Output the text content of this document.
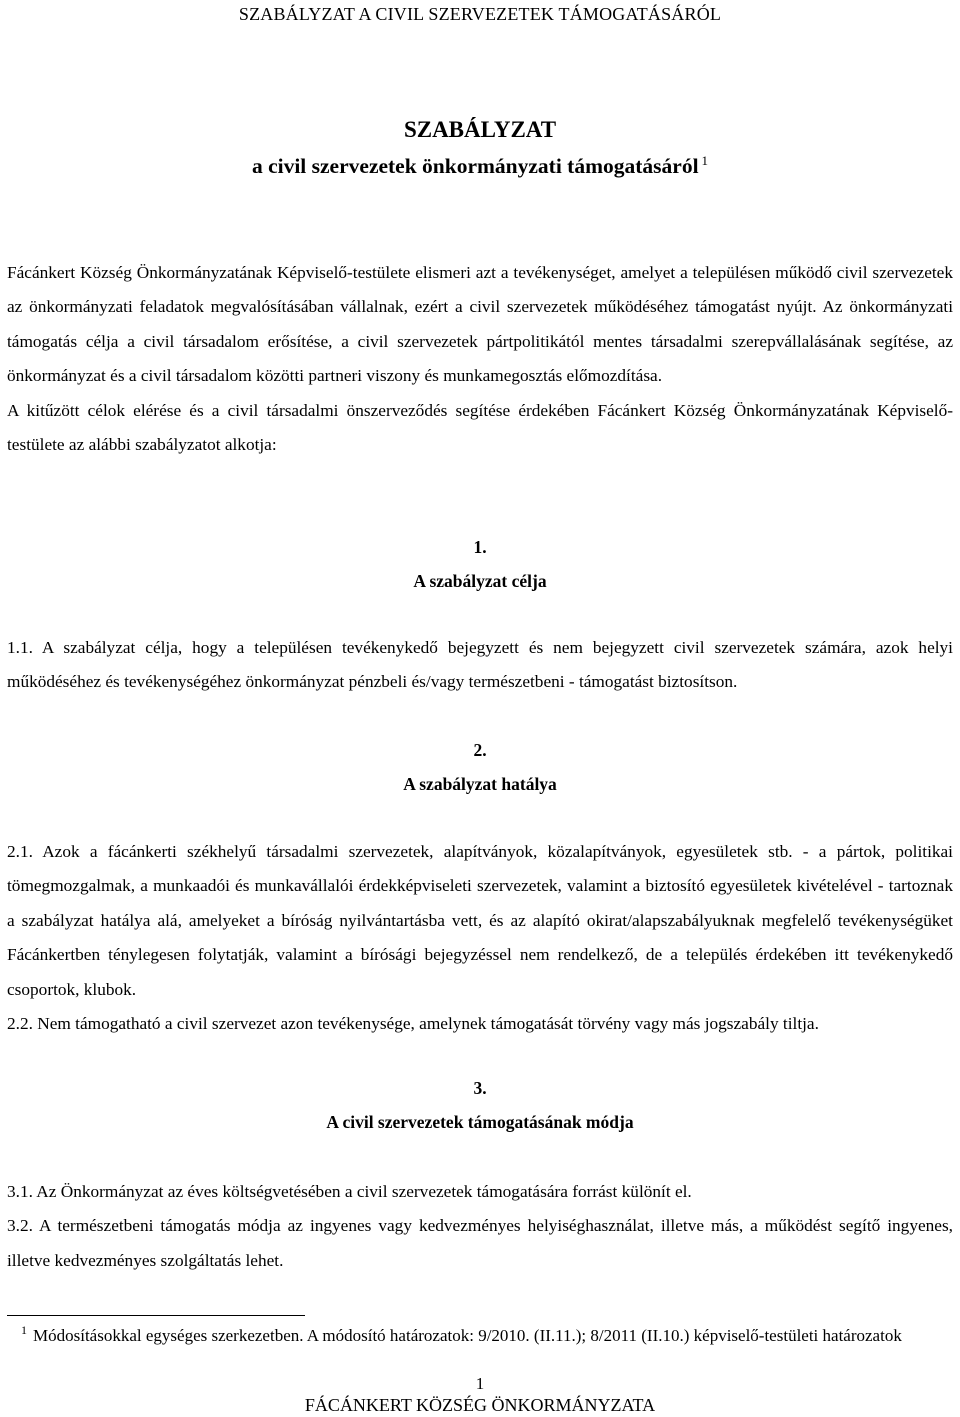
SZABÁLYZAT A CIVIL SZERVEZETEK TÁMOGATÁSÁRÓL
SZABÁLYZAT
a civil szervezetek önkormányzati támogatásáról $^1$

Fácánkert Község Önkormányzatának Képviselő-testülete elismeri azt a tevékenységet, amelyet a településen működő civil szervezetek az önkormányzati feladatok megvalósításában vállalnak, ezért a civil szervezetek működéséhez támogatást nyújt. Az önkormányzati támogatás célja a civil társadalom erősítése, a civil szervezetek pártpolitikától mentes társadalmi szerepvállalásának segítése, az önkormányzat és a civil társadalom közötti partneri viszony és munkamegosztás előmozdítása.

A kitűzött célok elérése és a civil társadalmi önszerveződés segítése érdekében Fácánkert Község Önkormányzatának Képviselő-testülete az alábbi szabályzatot alkotja:

1.
A szabályzat célja

1.1. A szabályzat célja, hogy a településen tevékenykedő bejegyzett és nem bejegyzett civil szervezetek számára, azok helyi működéséhez és tevékenységéhez önkormányzat pénzbeli és/vagy természetbeni - támogatást biztosítson.

2.
A szabályzat hatálya

2.1. Azok a fácánkerti székhelyű társadalmi szervezetek, alapítványok, közalapítványok, egyesületek stb. - a pártok, politikai tömegmozgalmak, a munkaadói és munkavállalói érdekképviseleti szervezetek, valamint a biztosító egyesületek kivételével - tartoznak a szabályzat hatálya alá, amelyeket a bíróság nyilvántartásba vett, és az alapító okirat/alapszabályuknak megfelelő tevékenységüket Fácánkertben ténylegesen folytatják, valamint a bírósági bejegyzéssel nem rendelkező, de a település érdekében itt tevékenykedő csoportok, klubok.

2.2. Nem támogatható a civil szervezet azon tevékenysége, amelynek támogatását törvény vagy más jogszabály tiltja.

3.
A civil szervezetek támogatásának módja

3.1. Az Önkormányzat az éves költségvetésében a civil szervezetek támogatására forrást különít el.

3.2. A természetbeni támogatás módja az ingyenes vagy kedvezményes helyiséghasználat, illetve más, a működést segítő ingyenes, illetve kedvezményes szolgáltatás lehet.

$^1$ Módosításokkal egységes szerkezetben. A módosító határozatok: 9/2010. (II.11.); 8/2011 (II.10.) képviselő-testületi határozatok
1
FÁCÁNKERT KÖZSÉG ÖNKORMÁNYZATA
